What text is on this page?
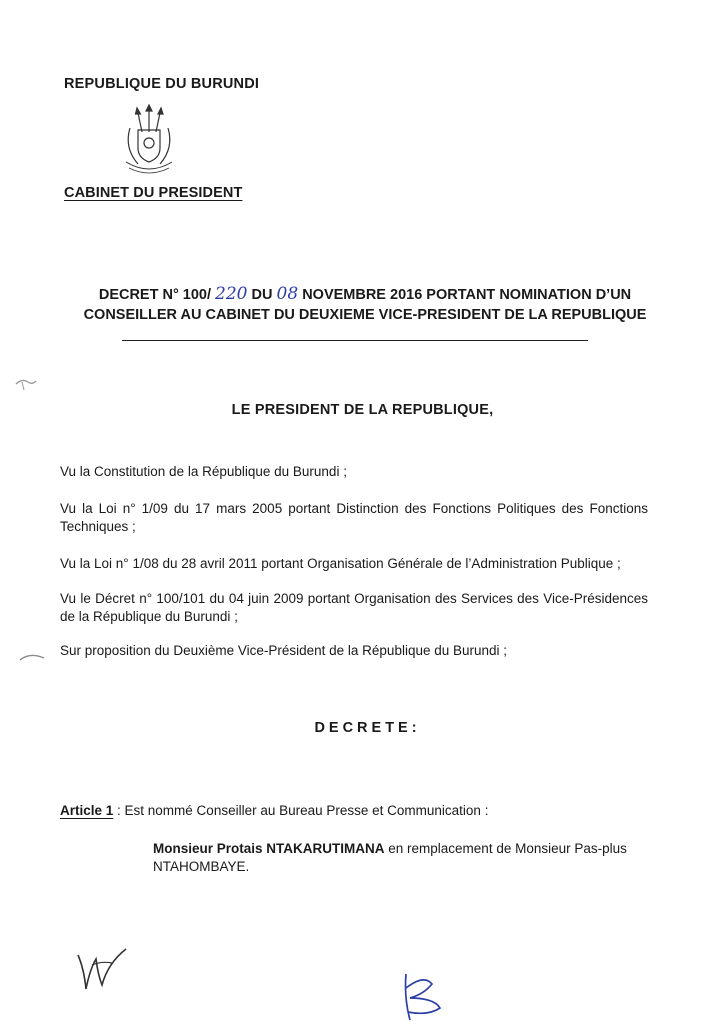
REPUBLIQUE DU BURUNDI
CABINET DU PRESIDENT
DECRET N° 100/ 220 DU 08 NOVEMBRE 2016 PORTANT NOMINATION D’UN
CONSEILLER AU CABINET DU DEUXIEME VICE-PRESIDENT DE LA REPUBLIQUE
LE PRESIDENT DE LA REPUBLIQUE,
Vu la Constitution de la République du Burundi ;
Vu la Loi n° 1/09 du 17 mars 2005 portant Distinction des Fonctions Politiques des Fonctions Techniques ;
Vu la Loi n° 1/08 du 28 avril 2011 portant Organisation Générale de l’Administration Publique ;
Vu le Décret n° 100/101 du 04 juin 2009 portant Organisation des Services des Vice-Présidences de la République du Burundi ;
Sur proposition du Deuxième Vice-Président de la République du Burundi ;
DECRETE:
Article 1 : Est nommé Conseiller au Bureau Presse et Communication :
Monsieur Protais NTAKARUTIMANA en remplacement de Monsieur Pas-plus NTAHOMBAYE.
